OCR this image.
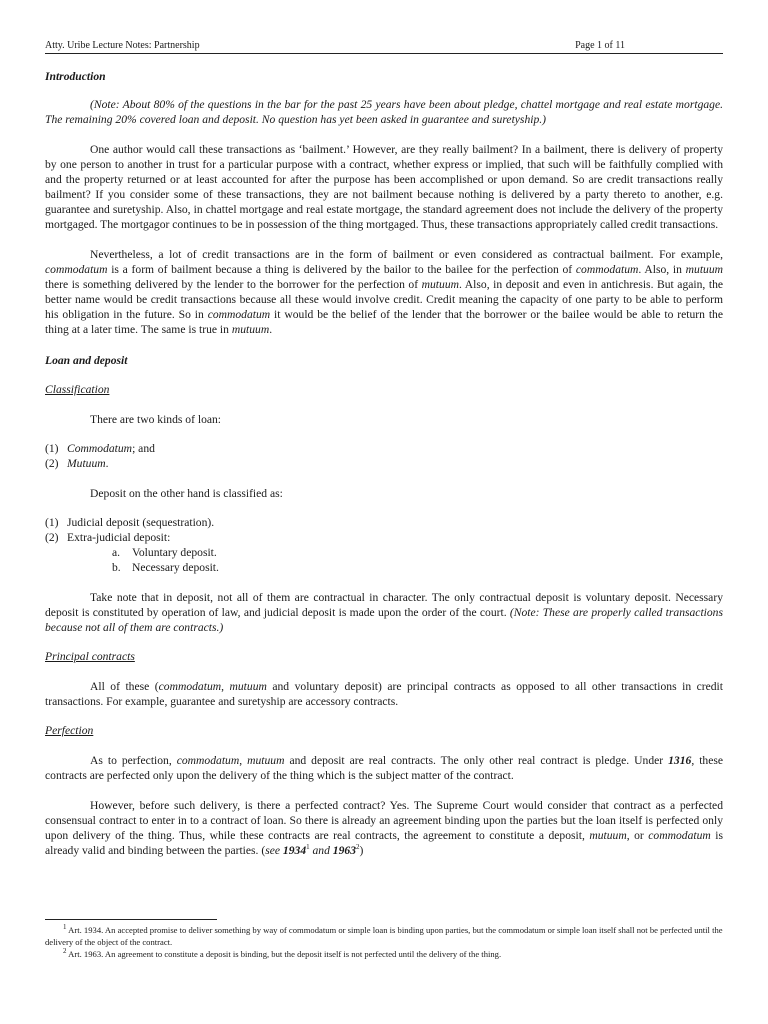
Atty. Uribe Lecture Notes: Partnership	Page 1 of 11
Introduction

(Note: About 80% of the questions in the bar for the past 25 years have been about pledge, chattel mortgage and real estate mortgage. The remaining 20% covered loan and deposit. No question has yet been asked in guarantee and suretyship.)

One author would call these transactions as ‘bailment.’ However, are they really bailment? In a bailment, there is delivery of property by one person to another in trust for a particular purpose with a contract, whether express or implied, that such will be faithfully complied with and the property returned or at least accounted for after the purpose has been accomplished or upon demand. So are credit transactions really bailment? If you consider some of these transactions, they are not bailment because nothing is delivered by a party thereto to another, e.g. guarantee and suretyship. Also, in chattel mortgage and real estate mortgage, the standard agreement does not include the delivery of the property mortgaged. The mortgagor continues to be in possession of the thing mortgaged. Thus, these transactions appropriately called credit transactions.

Nevertheless, a lot of credit transactions are in the form of bailment or even considered as contractual bailment. For example, commodatum is a form of bailment because a thing is delivered by the bailor to the bailee for the perfection of commodatum. Also, in mutuum there is something delivered by the lender to the borrower for the perfection of mutuum. Also, in deposit and even in antichresis. But again, the better name would be credit transactions because all these would involve credit. Credit meaning the capacity of one party to be able to perform his obligation in the future. So in commodatum it would be the belief of the lender that the borrower or the bailee would be able to return the thing at a later time. The same is true in mutuum.

Loan and deposit
Classification

There are two kinds of loan:

(1) Commodatum; and
(2) Mutuum.

Deposit on the other hand is classified as:

(1) Judicial deposit (sequestration).
(2) Extra-judicial deposit:
a.	Voluntary deposit.
b. Necessary deposit.

Take note that in deposit, not all of them are contractual in character. The only contractual deposit is voluntary deposit. Necessary deposit is constituted by operation of law, and judicial deposit is made upon the order of the court. (Note: These are properly called transactions because not all of them are contracts.)

Principal contracts

All of these (commodatum, mutuum and voluntary deposit) are principal contracts as opposed to all other transactions in credit transactions. For example, guarantee and suretyship are accessory contracts.

Perfection

As to perfection, commodatum, mutuum and deposit are real contracts. The only other real contract is pledge. Under 1316, these contracts are perfected only upon the delivery of the thing which is the subject matter of the contract.

However, before such delivery, is there a perfected contract? Yes. The Supreme Court would consider that contract as a perfected consensual contract to enter in to a contract of loan. So there is already an agreement binding upon the parties but the loan itself is perfected only upon delivery of the thing. Thus, while these contracts are real contracts, the agreement to constitute a deposit, mutuum, or commodatum is already valid and binding between the parties. (see 1934$^1$ and 1963$^2$)

$^1$ Art. 1934. An accepted promise to deliver something by way of commodatum or simple loan is binding upon parties, but the commodatum or simple loan itself shall not be perfected until the delivery of the object of the contract.

$^2$ Art. 1963. An agreement to constitute a deposit is binding, but the deposit itself is not perfected until the delivery of the thing.
